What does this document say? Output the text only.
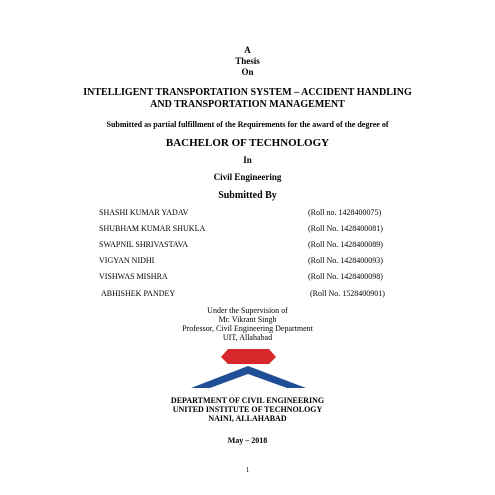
A
Thesis
On
INTELLIGENT TRANSPORTATION SYSTEM – ACCIDENT HANDLING
AND TRANSPORTATION MANAGEMENT
Submitted as partial fulfillment of the Requirements for the award of the degree of
BACHELOR OF TECHNOLOGY
In
Civil Engineering
Submitted By
SHASHI KUMAR YADAV	(Roll no. 1428400075)
SHUBHAM KUMAR SHUKLA	(Roll No. 1428400081)
SWAPNIL SHRIVASTAVA	(Roll No. 1428400089)
VIGYAN NIDHI	(Roll No. 1428400093)
VISHWAS MISHRA	(Roll No. 1428400098)
ABHISHEK PANDEY	(Roll No. 1528400901)
Under the Supervision of
Mr. Vikrant Singh
Professor, Civil Engineering Department
UIT, Allahabad
DEPARTMENT OF CIVIL ENGINEERING
UNITED INSTITUTE OF TECHNOLOGY
NAINI, ALLAHABAD
May – 2018
1
